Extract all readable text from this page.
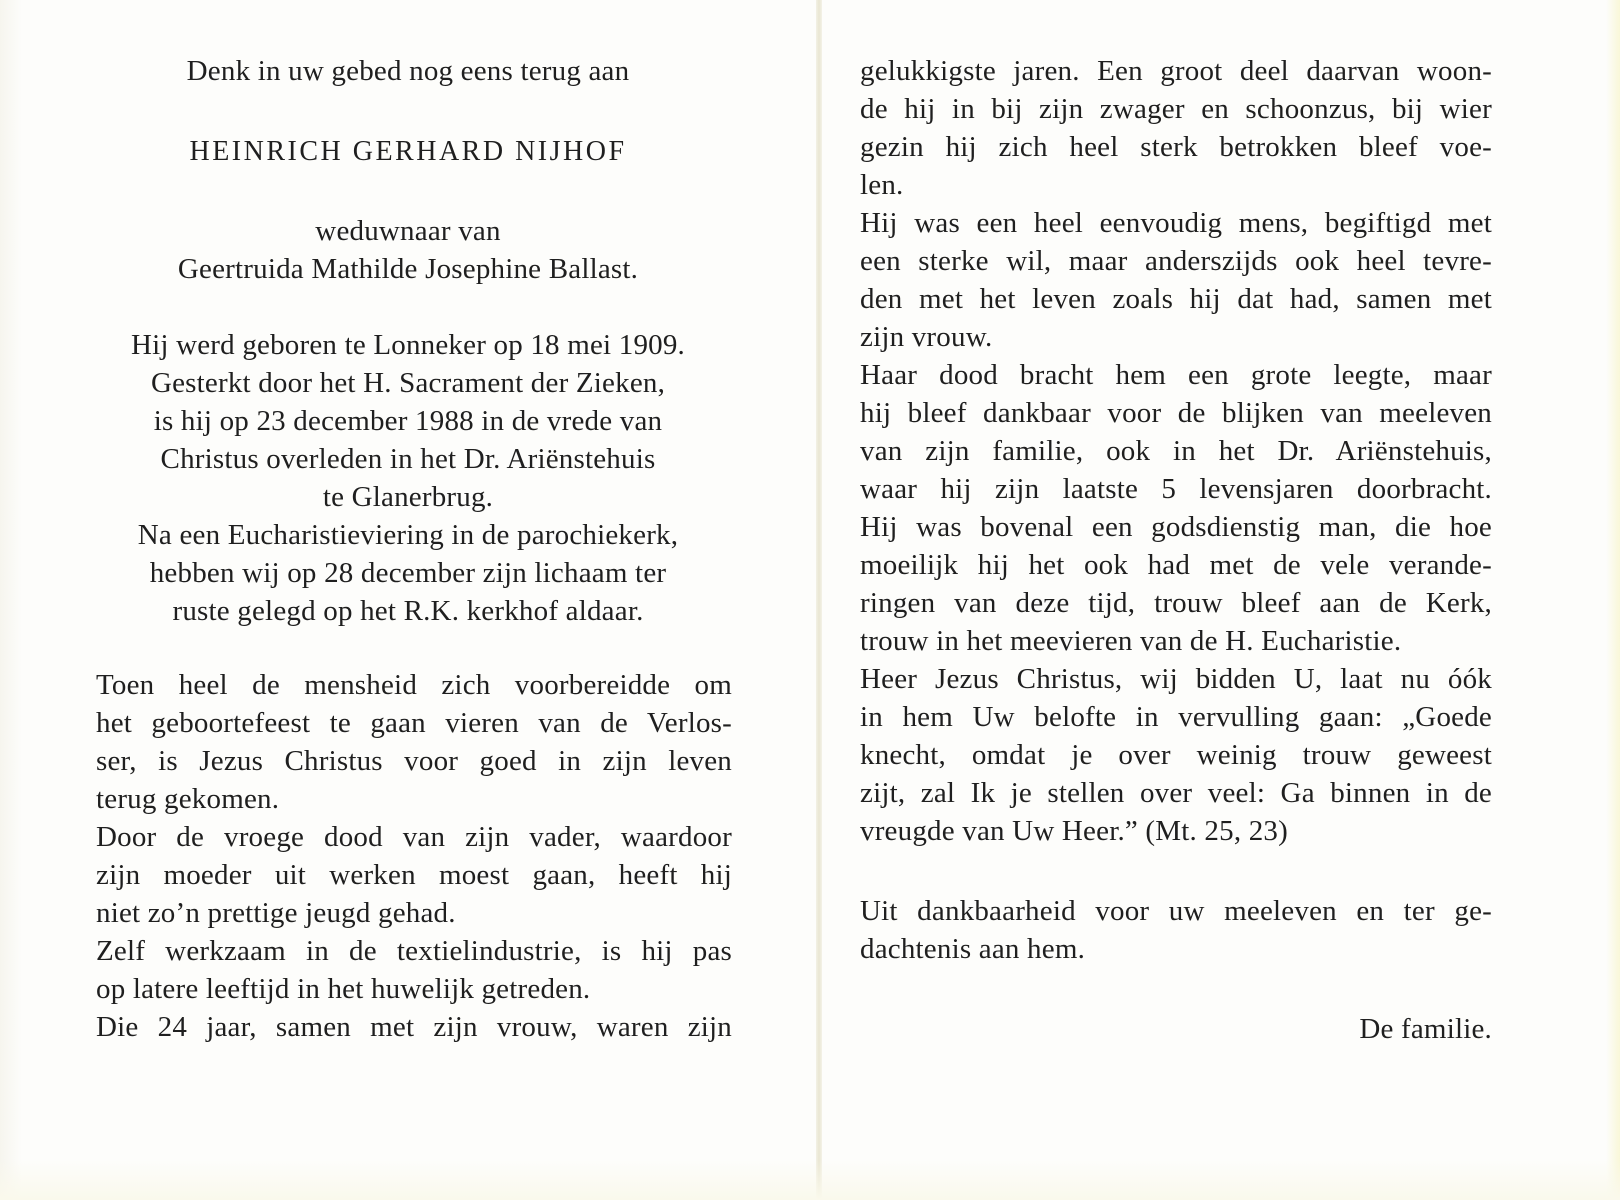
Denk in uw gebed nog eens terug aan
HEINRICH GERHARD NIJHOF
weduwnaar van
Geertruida Mathilde Josephine Ballast.
Hij werd geboren te Lonneker op 18 mei 1909.
Gesterkt door het H. Sacrament der Zieken,
is hij op 23 december 1988 in de vrede van
Christus overleden in het Dr. Ariënstehuis
te Glanerbrug.
Na een Eucharistieviering in de parochiekerk,
hebben wij op 28 december zijn lichaam ter
ruste gelegd op het R.K. kerkhof aldaar.
Toen heel de mensheid zich voorbereidde om
het geboortefeest te gaan vieren van de Verlos-
ser, is Jezus Christus voor goed in zijn leven
terug gekomen.
Door de vroege dood van zijn vader, waardoor
zijn moeder uit werken moest gaan, heeft hij
niet zo’n prettige jeugd gehad.
Zelf werkzaam in de textielindustrie, is hij pas
op latere leeftijd in het huwelijk getreden.
Die 24 jaar, samen met zijn vrouw, waren zijn
gelukkigste jaren. Een groot deel daarvan woon-
de hij in bij zijn zwager en schoonzus, bij wier
gezin hij zich heel sterk betrokken bleef voe-
len.
Hij was een heel eenvoudig mens, begiftigd met
een sterke wil, maar anderszijds ook heel tevre-
den met het leven zoals hij dat had, samen met
zijn vrouw.
Haar dood bracht hem een grote leegte, maar
hij bleef dankbaar voor de blijken van meeleven
van zijn familie, ook in het Dr. Ariënstehuis,
waar hij zijn laatste 5 levensjaren doorbracht.
Hij was bovenal een godsdienstig man, die hoe
moeilijk hij het ook had met de vele verande-
ringen van deze tijd, trouw bleef aan de Kerk,
trouw in het meevieren van de H. Eucharistie.
Heer Jezus Christus, wij bidden U, laat nu óók
in hem Uw belofte in vervulling gaan: „Goede
knecht, omdat je over weinig trouw geweest
zijt, zal Ik je stellen over veel: Ga binnen in de
vreugde van Uw Heer.” (Mt. 25, 23)
Uit dankbaarheid voor uw meeleven en ter ge-
dachtenis aan hem.
De familie.
